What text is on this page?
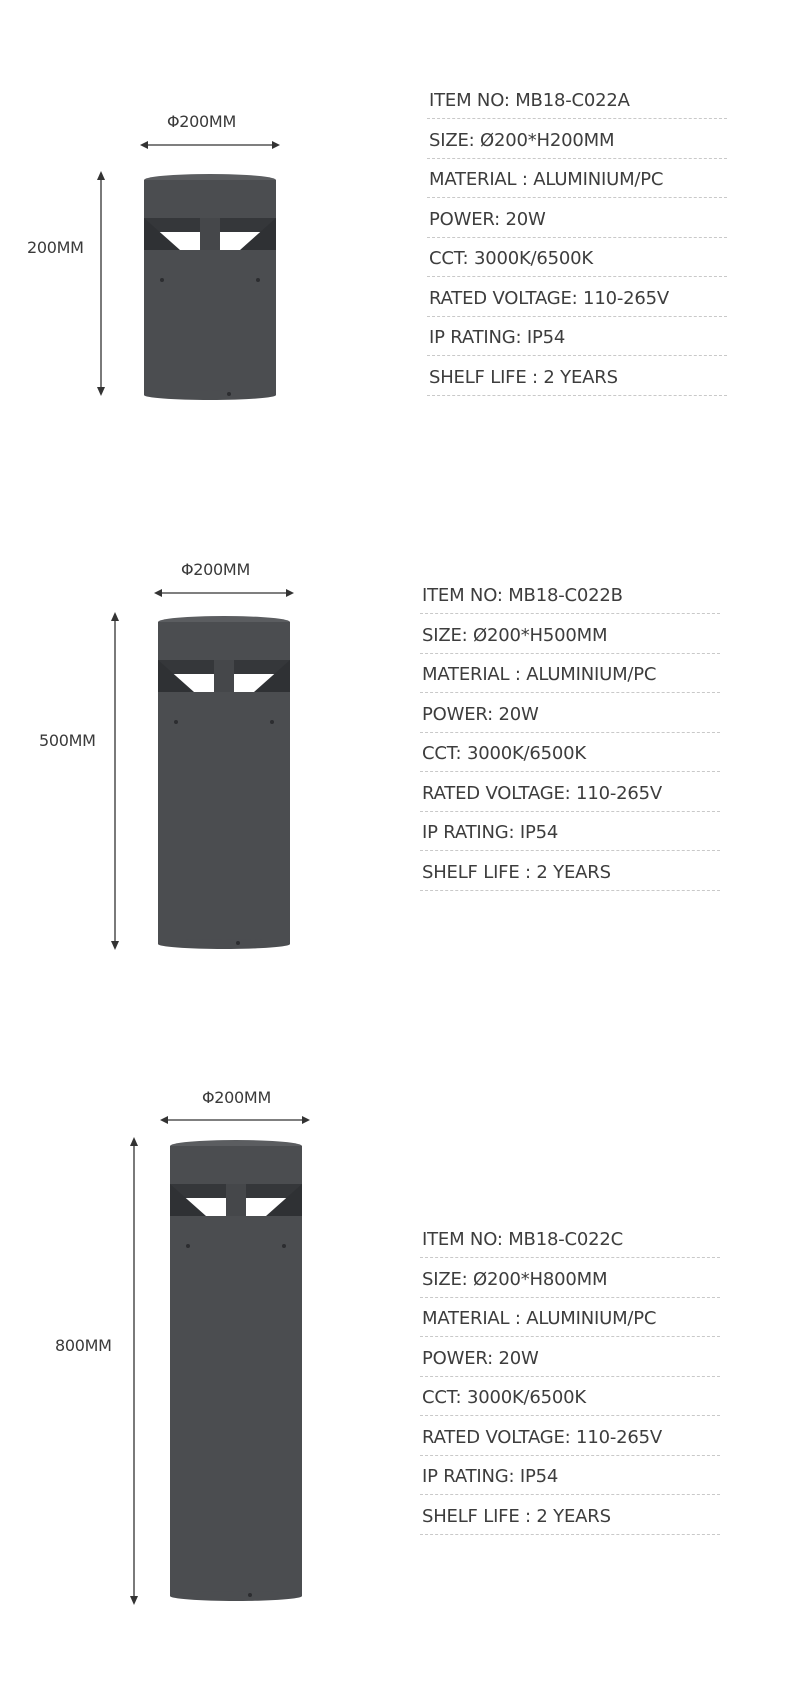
Φ200MM
200MM
ITEM NO: MB18-C022A
SIZE: Ø200*H200MM
MATERIAL : ALUMINIUM/PC
POWER: 20W
CCT: 3000K/6500K
RATED VOLTAGE: 110-265V
IP RATING: IP54
SHELF LIFE : 2 YEARS
Φ200MM
500MM
ITEM NO: MB18-C022B
SIZE: Ø200*H500MM
MATERIAL : ALUMINIUM/PC
POWER: 20W
CCT: 3000K/6500K
RATED VOLTAGE: 110-265V
IP RATING: IP54
SHELF LIFE : 2 YEARS
Φ200MM
800MM
ITEM NO: MB18-C022C
SIZE: Ø200*H800MM
MATERIAL : ALUMINIUM/PC
POWER: 20W
CCT: 3000K/6500K
RATED VOLTAGE: 110-265V
IP RATING: IP54
SHELF LIFE : 2 YEARS
